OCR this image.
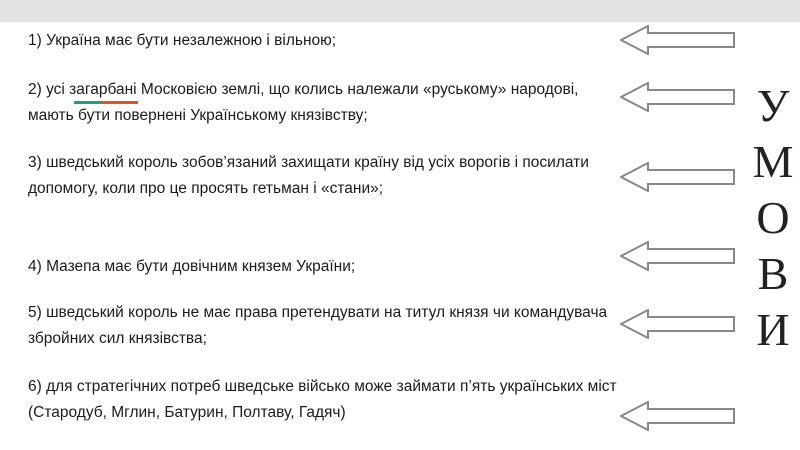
1) Україна має бути незалежною і вільною;
2) усі загарбані Московією землі, що колись належали «руському» народові, мають бути повернені Українському князівству;
3) шведський король зобов’язаний захищати країну від усіх ворогів і посилати допомогу, коли про це просять гетьман і «стани»;
4) Мазепа має бути довічним князем України;
5) шведський король не має права претендувати на титул князя чи командувача збройних сил князівства;
6) для стратегічних потреб шведське військо може займати п’ять українських міст (Стародуб, Мглин, Батурин, Полтаву, Гадяч)
У
М
О
В
И
